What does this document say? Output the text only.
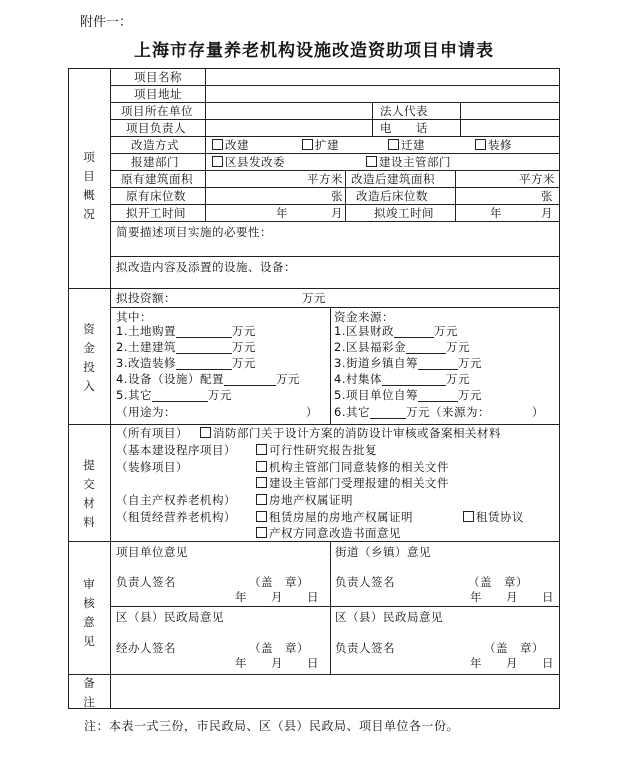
附件一：
上海市存量养老机构设施改造资助项目申请表
项目概况
项目名称
项目地址
项目所在单位	法人代表
项目负责人	电　　话
改造方式	改建	扩建	迁建	装修
报建部门	区县发改委	建设主管部门
原有建筑面积	平方米 改造后建筑面积	平方米
原有床位数	张 改造后床位数	张
拟开工时间	年	月	拟竣工时间	年	月
简要描述项目实施的必要性：
拟改造内容及添置的设施、设备：
资金投入
拟投资额：	万元
其中：
1.土地购置	万元
2.土建建筑	万元
3.改造装修	万元
4.设备（设施）配置	万元
5.其它	万元
（用途为：	）
资金来源：
1.区县财政	万元
2.区县福彩金	万元
3.街道乡镇自筹	万元
4.村集体	万元
5.项目单位自筹	万元
6.其它	万元（来源为：	）
提交材料
（所有项目）	消防部门关于设计方案的消防设计审核或备案相关材料
（基本建设程序项目）	可行性研究报告批复
（装修项目）	机构主管部门同意装修的相关文件
建设主管部门受理报建的相关文件
（自主产权养老机构）	房地产权属证明
（租赁经营养老机构）	租赁房屋的房地产权属证明	租赁协议
产权方同意改造书面意见
审核意见
项目单位意见
负责人签名	（盖　章）
年　　月　　日
街道（乡镇）意见
负责人签名	（盖　章）
年　　月　　日
区（县）民政局意见
经办人签名	（盖　章）
年　　月　　日
区（县）民政局意见
负责人签名	（盖　章）
年　　月　　日
备注
注：本表一式三份，市民政局、区（县）民政局、项目单位各一份。
